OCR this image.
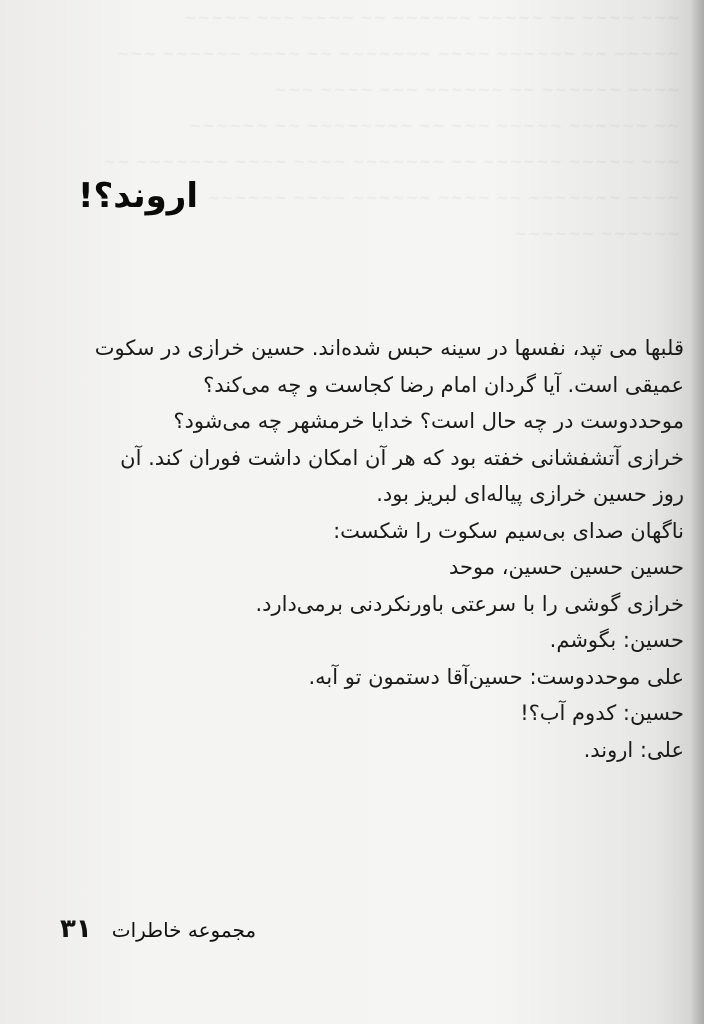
~~~ ~~~~ ~~ ~~~~~ ~~~~~~ ~~ ~~~~ ~~~ ~~~~~
~~~~~ ~~ ~~~~~~ ~~~~ ~~~~~~~ ~~ ~~~~ ~~~~~~ ~~~
~~~~ ~~~~~~ ~~ ~~~~~~ ~~~ ~~~~ ~~~
~~ ~~~~~~ ~~~~~ ~~~ ~~ ~~~~~~~~ ~~ ~~~~~~
~~~ ~~~~~ ~~~~~~ ~~ ~~~~~~~ ~~~~ ~~~~ ~~~~~~~ ~~
~~~~ ~~~~~~~ ~~ ~~~~ ~~~~~~ ~~~~ ~~~~~~
~~~~~~ ~~~~~~
اروند؟!

قلبها می تپد، نفسها در سینه حبس شده‌اند. حسین خرازی در سکوت

عمیقی است. آیا گردان امام رضا کجاست و چه می‌کند؟

موحددوست در چه حال است؟ خدایا خرمشهر چه می‌شود؟

خرازی آتشفشانی خفته بود که هر آن امکان داشت فوران کند. آن

روز حسین خرازی پیاله‌ای لبریز بود.

ناگهان صدای بی‌سیم سکوت را شکست:

حسین حسین حسین، موحد

خرازی گوشی را با سرعتی باورنکردنی برمی‌دارد.

حسین: بگوشم.

علی موحددوست: حسین‌آقا دستمون تو آبه.

حسین: کدوم آب؟!

علی: اروند.

۳۱ مجموعه خاطرات
